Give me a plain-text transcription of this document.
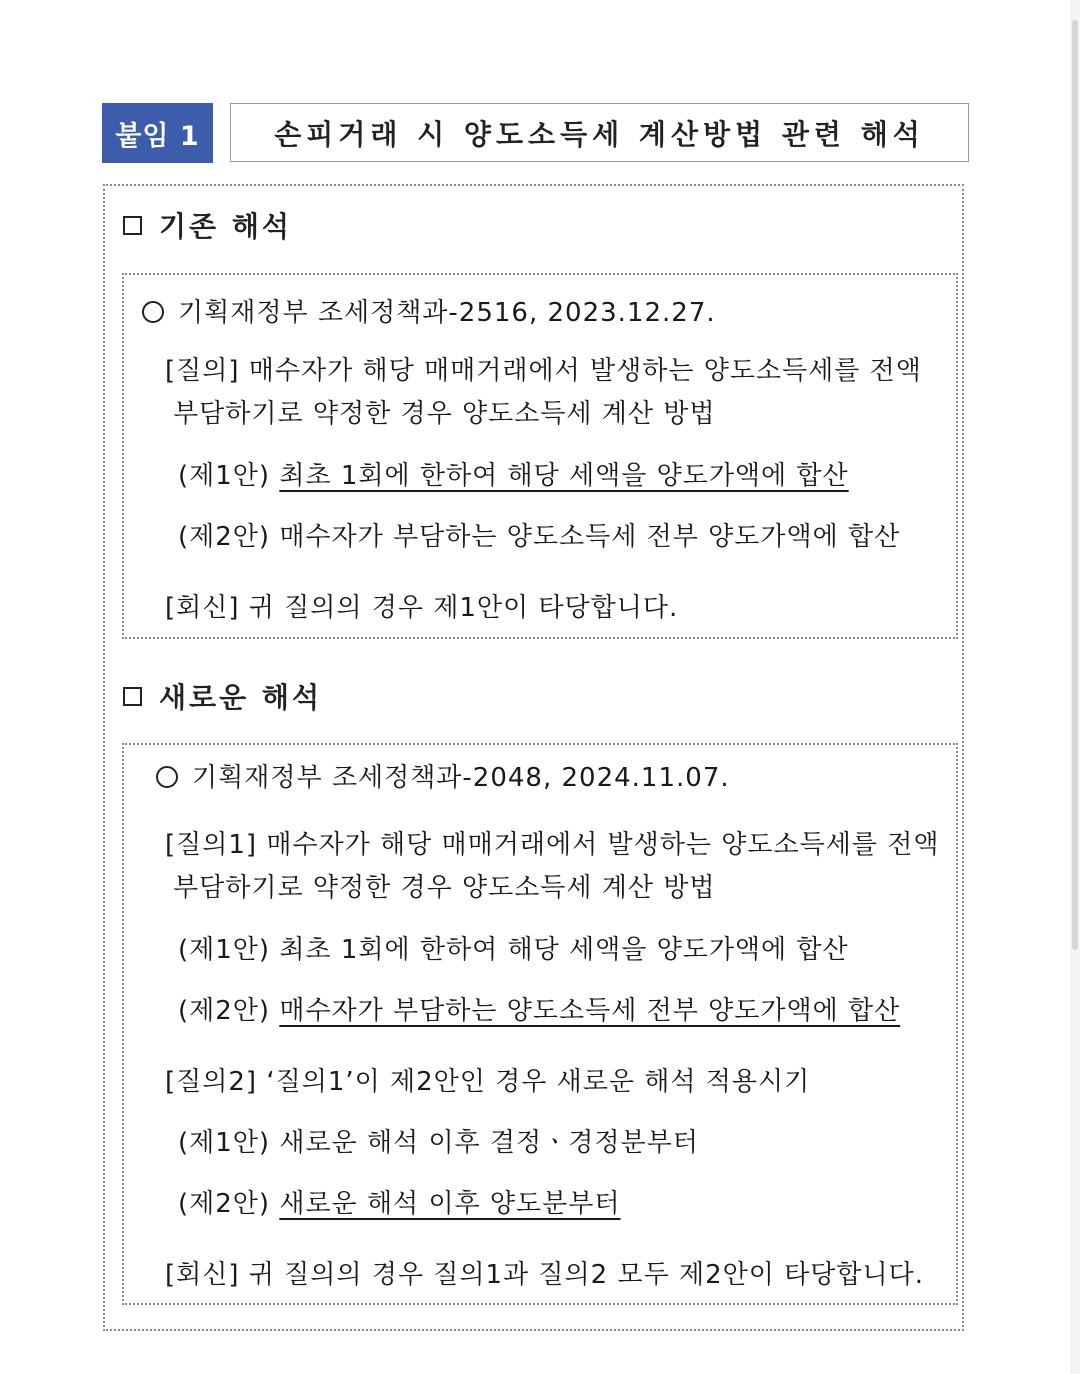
붙임 1	손피거래 시 양도소득세 계산방법 관련 해석
기존 해석
기획재정부 조세정책과-2516, 2023.12.27.
[질의] 매수자가 해당 매매거래에서 발생하는 양도소득세를 전액
부담하기로 약정한 경우 양도소득세 계산 방법
(제1안) 최초 1회에 한하여 해당 세액을 양도가액에 합산
(제2안) 매수자가 부담하는 양도소득세 전부 양도가액에 합산
[회신] 귀 질의의 경우 제1안이 타당합니다.
새로운 해석
기획재정부 조세정책과-2048, 2024.11.07.
[질의1] 매수자가 해당 매매거래에서 발생하는 양도소득세를 전액
부담하기로 약정한 경우 양도소득세 계산 방법
(제1안) 최초 1회에 한하여 해당 세액을 양도가액에 합산
(제2안) 매수자가 부담하는 양도소득세 전부 양도가액에 합산
[질의2] ‘질의1’이 제2안인 경우 새로운 해석 적용시기
(제1안) 새로운 해석 이후 결정ㆍ경정분부터
(제2안) 새로운 해석 이후 양도분부터
[회신] 귀 질의의 경우 질의1과 질의2 모두 제2안이 타당합니다.
